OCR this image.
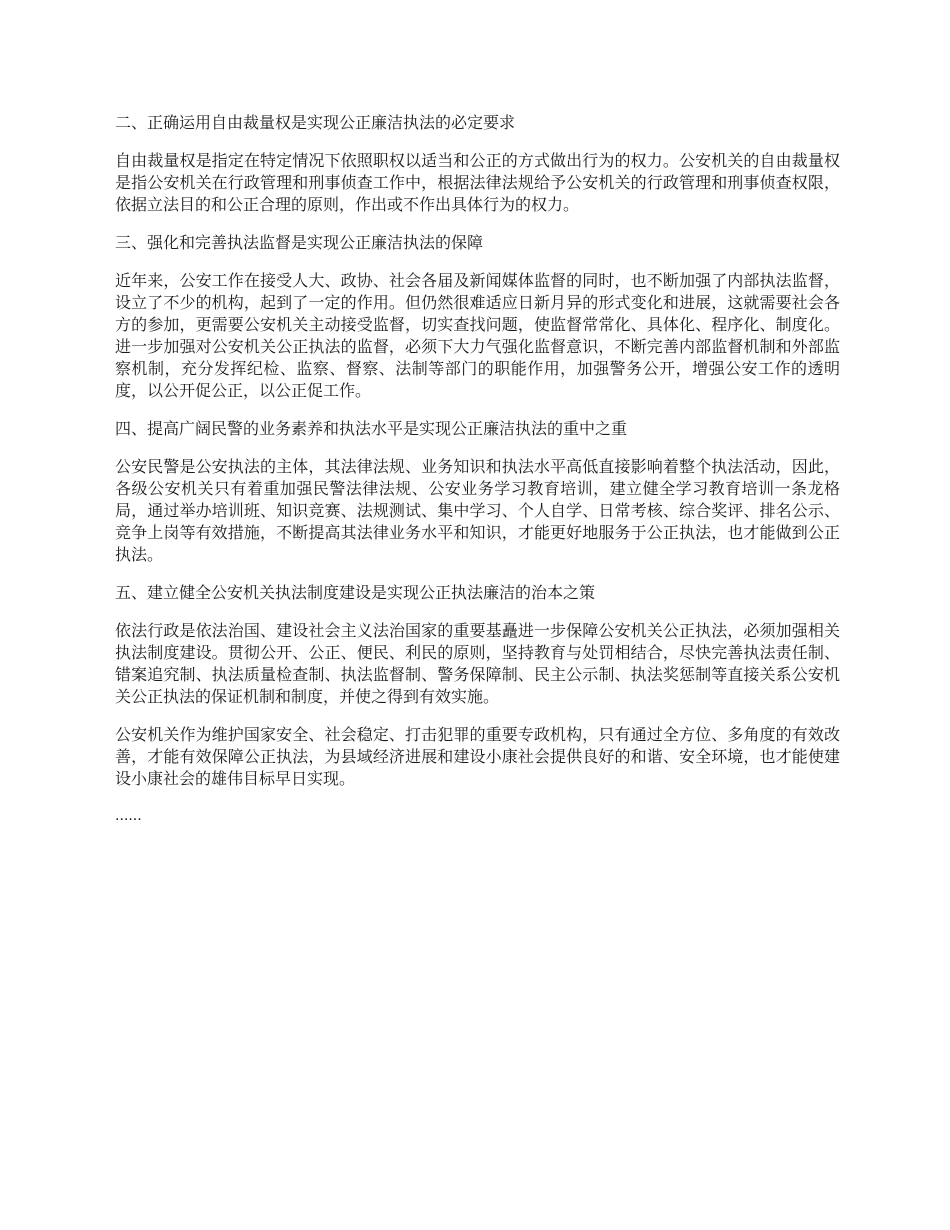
二、正确运用自由裁量权是实现公正廉洁执法的必定要求

自由裁量权是指定在特定情况下依照职权以适当和公正的方式做出行为的权力。公安机关的自由裁量权是指公安机关在行政管理和刑事侦查工作中，根据法律法规给予公安机关的行政管理和刑事侦查权限，依据立法目的和公正合理的原则，作出或不作出具体行为的权力。

三、强化和完善执法监督是实现公正廉洁执法的保障

近年来，公安工作在接受人大、政协、社会各届及新闻媒体监督的同时，也不断加强了内部执法监督，设立了不少的机构，起到了一定的作用。但仍然很难适应日新月异的形式变化和进展，这就需要社会各方的参加，更需要公安机关主动接受监督，切实查找问题，使监督常常化、具体化、程序化、制度化。进一步加强对公安机关公正执法的监督，必须下大力气强化监督意识，不断完善内部监督机制和外部监察机制，充分发挥纪检、监察、督察、法制等部门的职能作用，加强警务公开，增强公安工作的透明度，以公开促公正，以公正促工作。

四、提高广阔民警的业务素养和执法水平是实现公正廉洁执法的重中之重

公安民警是公安执法的主体，其法律法规、业务知识和执法水平高低直接影响着整个执法活动，因此，各级公安机关只有着重加强民警法律法规、公安业务学习教育培训，建立健全学习教育培训一条龙格局，通过举办培训班、知识竞赛、法规测试、集中学习、个人自学、日常考核、综合奖评、排名公示、竞争上岗等有效措施，不断提高其法律业务水平和知识，才能更好地服务于公正执法，也才能做到公正执法。

五、建立健全公安机关执法制度建设是实现公正执法廉洁的治本之策

依法行政是依法治国、建设社会主义法治国家的重要基矗进一步保障公安机关公正执法，必须加强相关执法制度建设。贯彻公开、公正、便民、利民的原则，坚持教育与处罚相结合，尽快完善执法责任制、错案追究制、执法质量检查制、执法监督制、警务保障制、民主公示制、执法奖惩制等直接关系公安机关公正执法的保证机制和制度，并使之得到有效实施。

公安机关作为维护国家安全、社会稳定、打击犯罪的重要专政机构，只有通过全方位、多角度的有效改善，才能有效保障公正执法，为县域经济进展和建设小康社会提供良好的和谐、安全环境，也才能使建设小康社会的雄伟目标早日实现。

......
